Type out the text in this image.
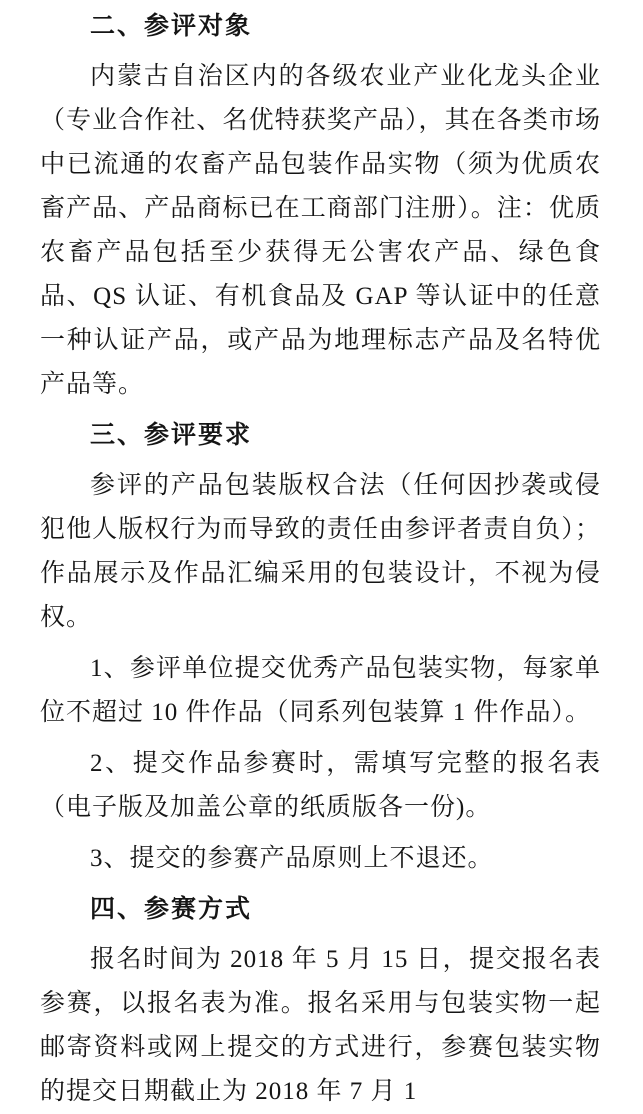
二、参评对象

内蒙古自治区内的各级农业产业化龙头企业（专业合作社、名优特获奖产品），其在各类市场中已流通的农畜产品包装作品实物（须为优质农畜产品、产品商标已在工商部门注册）。注：优质农畜产品包括至少获得无公害农产品、绿色食品、QS 认证、有机食品及 GAP 等认证中的任意一种认证产品，或产品为地理标志产品及名特优产品等。

三、参评要求

参评的产品包装版权合法（任何因抄袭或侵犯他人版权行为而导致的责任由参评者责自负）；作品展示及作品汇编采用的包装设计，不视为侵权。

1、参评单位提交优秀产品包装实物，每家单位不超过 10 件作品（同系列包装算 1 件作品）。

2、提交作品参赛时，需填写完整的报名表（电子版及加盖公章的纸质版各一份)。

3、提交的参赛产品原则上不退还。

四、参赛方式

报名时间为 2018 年 5 月 15 日，提交报名表参赛，以报名表为准。报名采用与包装实物一起邮寄资料或网上提交的方式进行，参赛包装实物的提交日期截止为 2018 年 7 月 1
